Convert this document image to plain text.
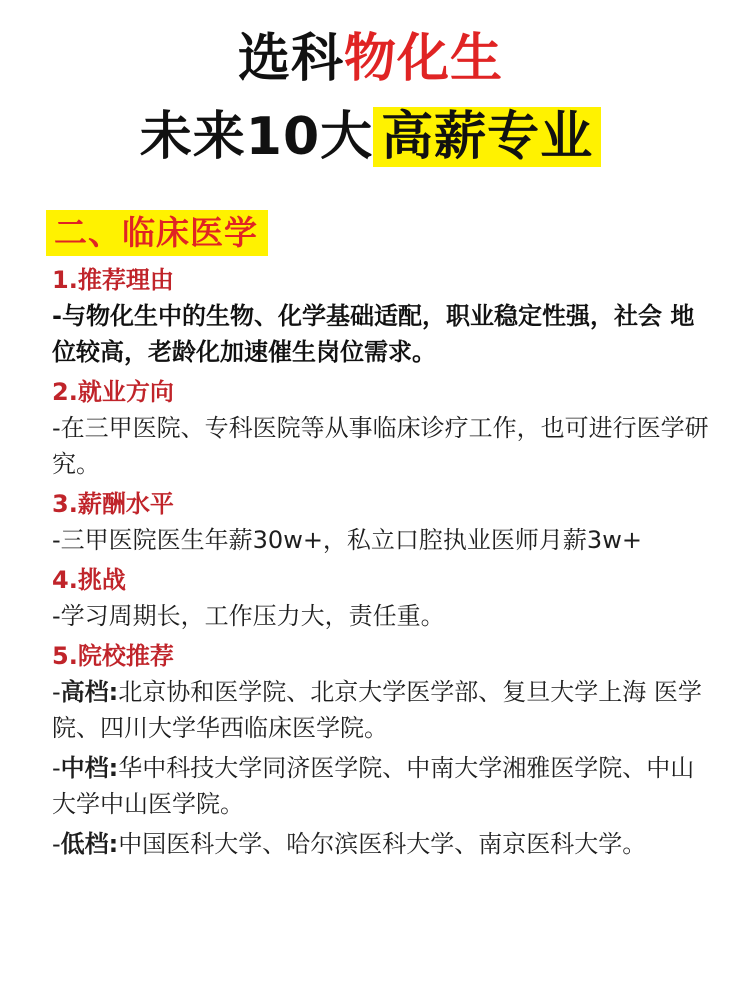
选科物化生
未来10大 高薪专业
二、临床医学

1.推荐理由

-与物化生中的生物、化学基础适配，职业稳定性强，社会 地位较高，老龄化加速催生岗位需求。

2.就业方向

-在三甲医院、专科医院等从事临床诊疗工作，也可进行医学研究。

3.薪酬水平

-三甲医院医生年薪30w+，私立口腔执业医师月薪3w+

4.挑战

-学习周期长，工作压力大，责任重。

5.院校推荐

-高档:北京协和医学院、北京大学医学部、复旦大学上海 医学院、四川大学华西临床医学院。

-中档:华中科技大学同济医学院、中南大学湘雅医学院、中山大学中山医学院。

-低档:中国医科大学、哈尔滨医科大学、南京医科大学。
